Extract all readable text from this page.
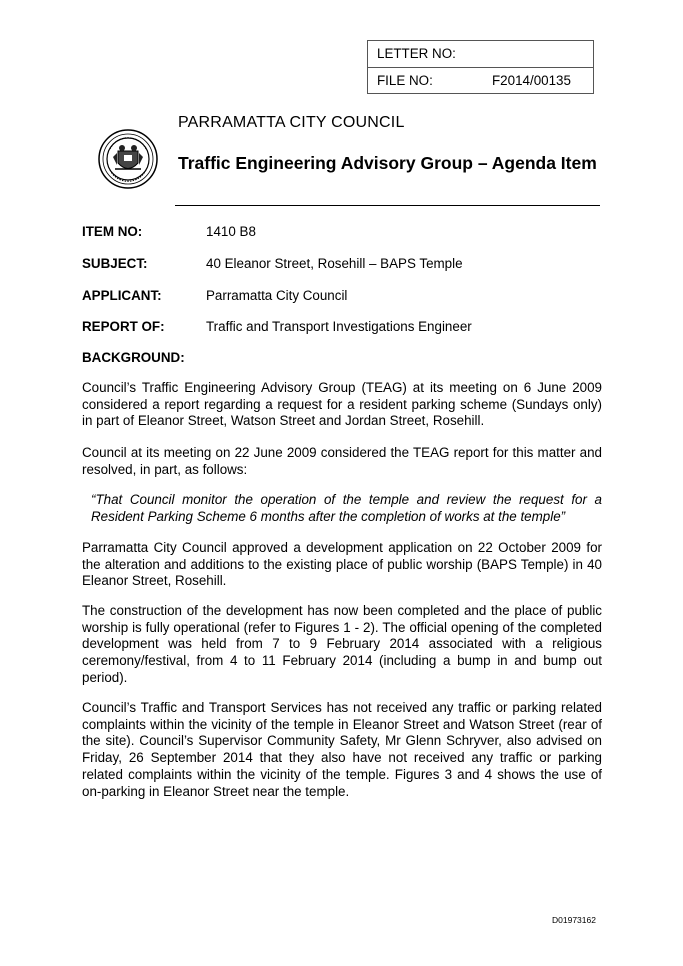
LETTER NO:
FILE NO:	F2014/00135
PARRAMATTA CITY COUNCIL
Traffic Engineering Advisory Group – Agenda Item
ITEM NO:	1410 B8
SUBJECT:	40 Eleanor Street, Rosehill – BAPS Temple
APPLICANT:	Parramatta City Council
REPORT OF:	Traffic and Transport Investigations Engineer
BACKGROUND:

Council’s Traffic Engineering Advisory Group (TEAG) at its meeting on 6 June 2009 considered a report regarding a request for a resident parking scheme (Sundays only) in part of Eleanor Street, Watson Street and Jordan Street, Rosehill.

Council at its meeting on 22 June 2009 considered the TEAG report for this matter and resolved, in part, as follows:

“That Council monitor the operation of the temple and review the request for a Resident Parking Scheme 6 months after the completion of works at the temple”

Parramatta City Council approved a development application on 22 October 2009 for the alteration and additions to the existing place of public worship (BAPS Temple) in 40 Eleanor Street, Rosehill.

The construction of the development has now been completed and the place of public worship is fully operational (refer to Figures 1 - 2). The official opening of the completed development was held from 7 to 9 February 2014 associated with a religious ceremony/festival, from 4 to 11 February 2014 (including a bump in and bump out period).

Council’s Traffic and Transport Services has not received any traffic or parking related complaints within the vicinity of the temple in Eleanor Street and Watson Street (rear of the site). Council’s Supervisor Community Safety, Mr Glenn Schryver, also advised on Friday, 26 September 2014 that they also have not received any traffic or parking related complaints within the vicinity of the temple. Figures 3 and 4 shows the use of on-parking in Eleanor Street near the temple.

D01973162
